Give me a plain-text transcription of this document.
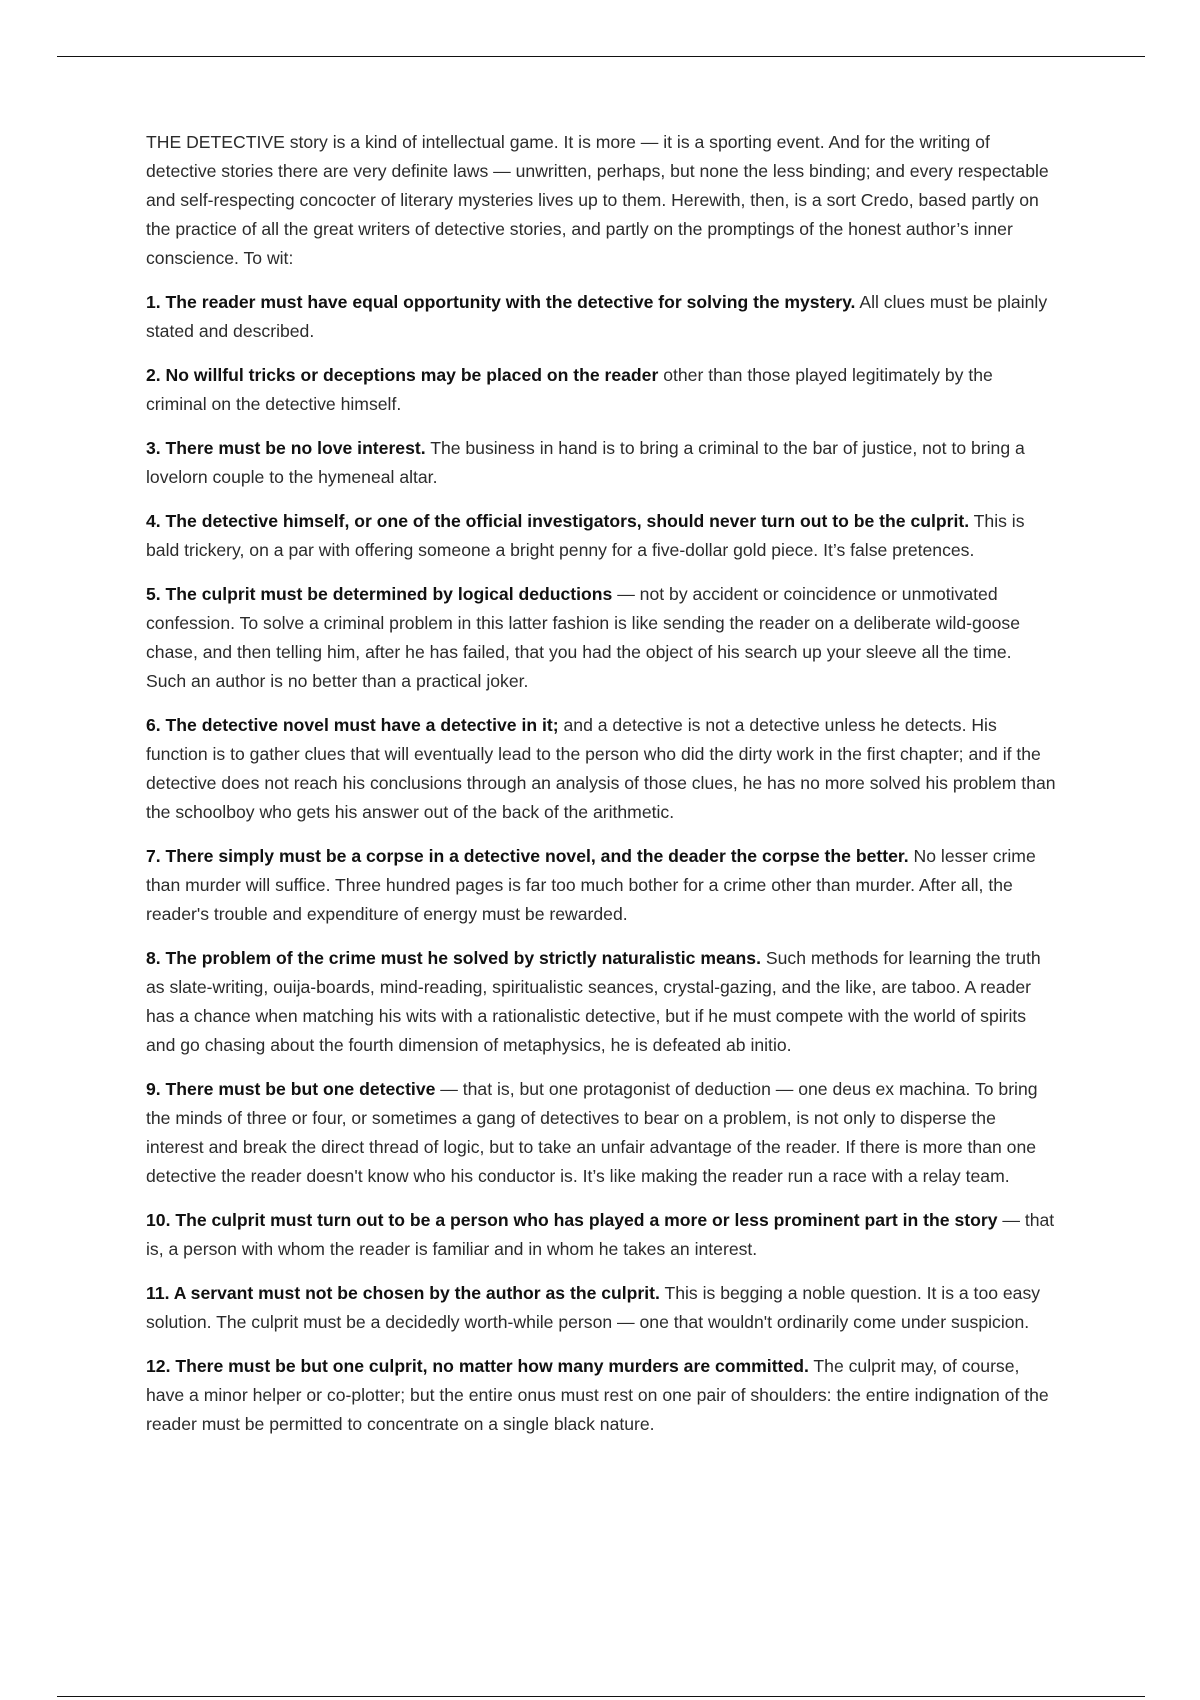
THE DETECTIVE story is a kind of intellectual game. It is more — it is a sporting event. And for the writing of detective stories there are very definite laws — unwritten, perhaps, but none the less binding; and every respectable and self-respecting concocter of literary mysteries lives up to them. Herewith, then, is a sort Credo, based partly on the practice of all the great writers of detective stories, and partly on the promptings of the honest author’s inner conscience. To wit:

1. The reader must have equal opportunity with the detective for solving the mystery. All clues must be plainly stated and described.

2. No willful tricks or deceptions may be placed on the reader other than those played legitimately by the criminal on the detective himself.

3. There must be no love interest. The business in hand is to bring a criminal to the bar of justice, not to bring a lovelorn couple to the hymeneal altar.

4. The detective himself, or one of the official investigators, should never turn out to be the culprit. This is bald trickery, on a par with offering someone a bright penny for a five-dollar gold piece. It’s false pretences.

5. The culprit must be determined by logical deductions — not by accident or coincidence or unmotivated confession. To solve a criminal problem in this latter fashion is like sending the reader on a deliberate wild-goose chase, and then telling him, after he has failed, that you had the object of his search up your sleeve all the time. Such an author is no better than a practical joker.

6. The detective novel must have a detective in it; and a detective is not a detective unless he detects. His function is to gather clues that will eventually lead to the person who did the dirty work in the first chapter; and if the detective does not reach his conclusions through an analysis of those clues, he has no more solved his problem than the schoolboy who gets his answer out of the back of the arithmetic.

7. There simply must be a corpse in a detective novel, and the deader the corpse the better. No lesser crime than murder will suffice. Three hundred pages is far too much bother for a crime other than murder. After all, the reader's trouble and expenditure of energy must be rewarded.

8. The problem of the crime must he solved by strictly naturalistic means. Such methods for learning the truth as slate-writing, ouija-boards, mind-reading, spiritualistic seances, crystal-gazing, and the like, are taboo. A reader has a chance when matching his wits with a rationalistic detective, but if he must compete with the world of spirits and go chasing about the fourth dimension of metaphysics, he is defeated ab initio.

9. There must be but one detective — that is, but one protagonist of deduction — one deus ex machina. To bring the minds of three or four, or sometimes a gang of detectives to bear on a problem, is not only to disperse the interest and break the direct thread of logic, but to take an unfair advantage of the reader. If there is more than one detective the reader doesn't know who his conductor is. It’s like making the reader run a race with a relay team.

10. The culprit must turn out to be a person who has played a more or less prominent part in the story — that is, a person with whom the reader is familiar and in whom he takes an interest.

11. A servant must not be chosen by the author as the culprit. This is begging a noble question. It is a too easy solution. The culprit must be a decidedly worth-while person — one that wouldn't ordinarily come under suspicion.

12. There must be but one culprit, no matter how many murders are committed. The culprit may, of course, have a minor helper or co-plotter; but the entire onus must rest on one pair of shoulders: the entire indignation of the reader must be permitted to concentrate on a single black nature.
